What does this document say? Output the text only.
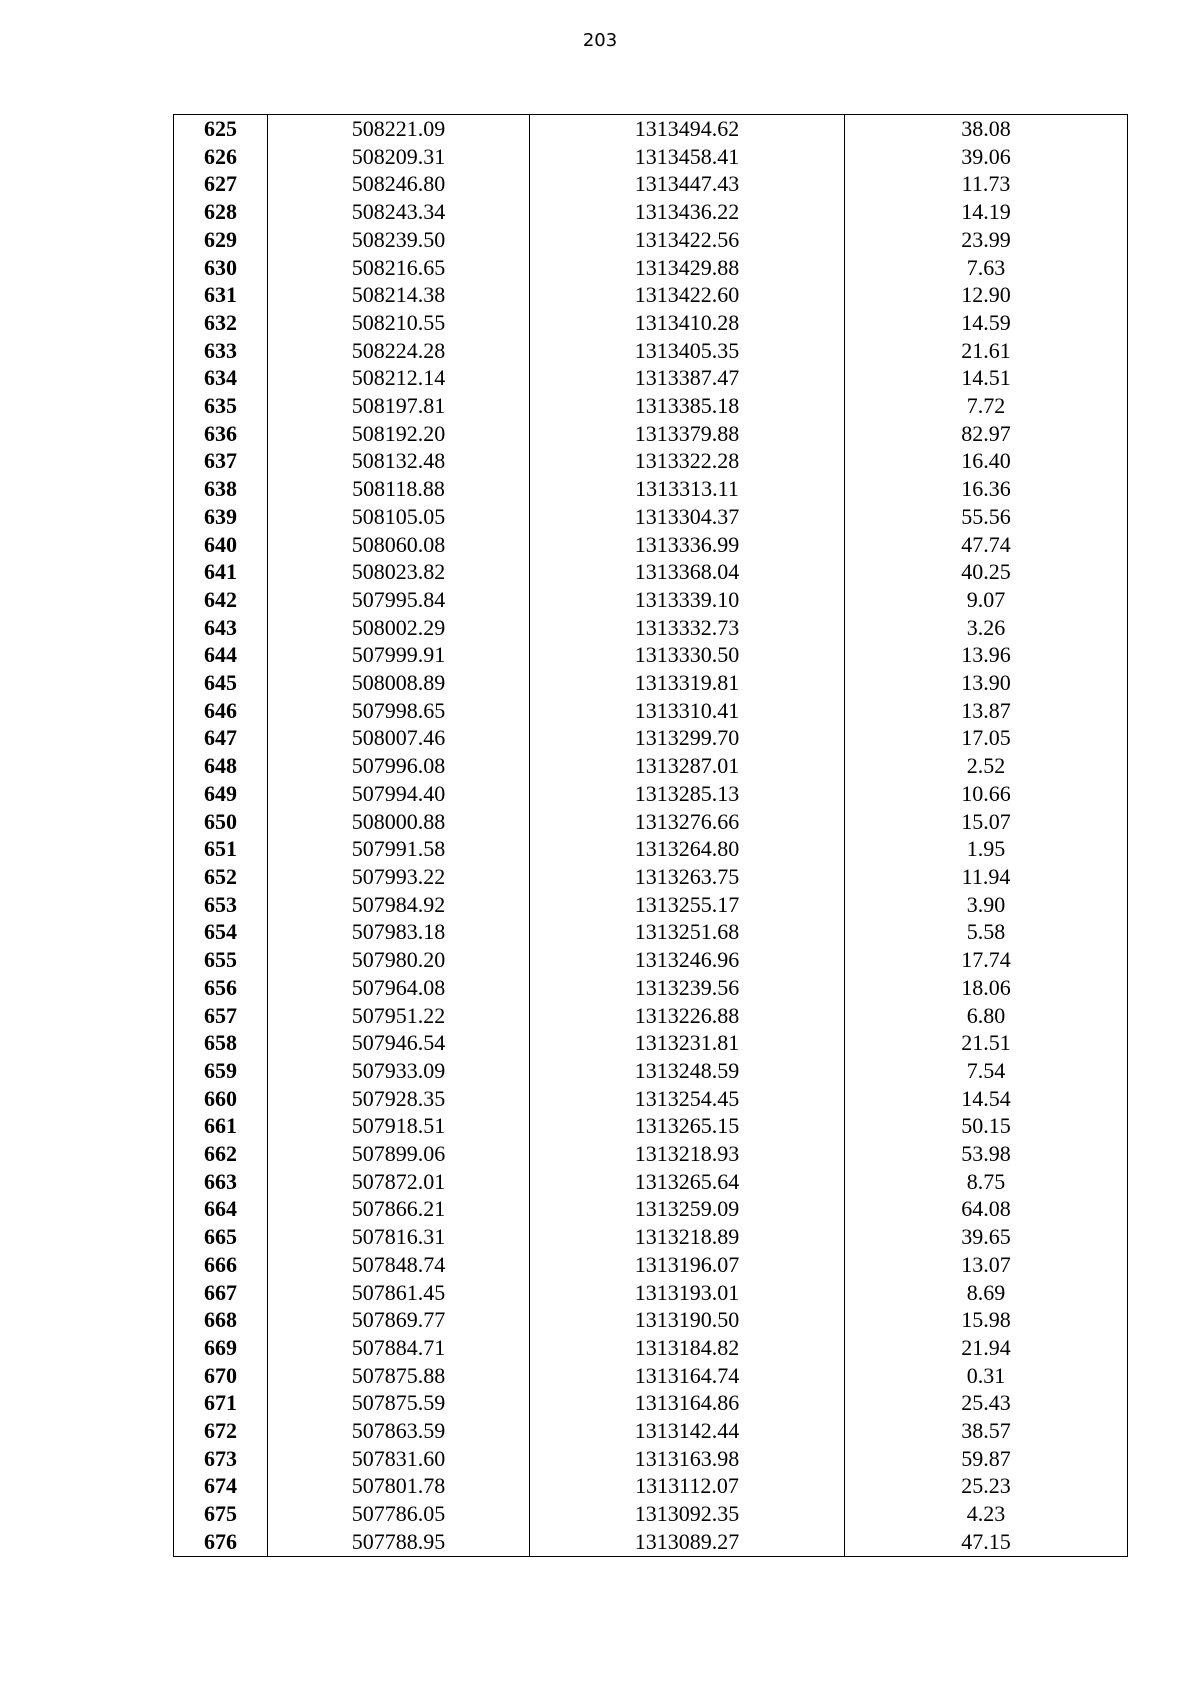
203
625	508221.09	1313494.62	38.08
626	508209.31	1313458.41	39.06
627	508246.80	1313447.43	11.73
628	508243.34	1313436.22	14.19
629	508239.50	1313422.56	23.99
630	508216.65	1313429.88	7.63
631	508214.38	1313422.60	12.90
632	508210.55	1313410.28	14.59
633	508224.28	1313405.35	21.61
634	508212.14	1313387.47	14.51
635	508197.81	1313385.18	7.72
636	508192.20	1313379.88	82.97
637	508132.48	1313322.28	16.40
638	508118.88	1313313.11	16.36
639	508105.05	1313304.37	55.56
640	508060.08	1313336.99	47.74
641	508023.82	1313368.04	40.25
642	507995.84	1313339.10	9.07
643	508002.29	1313332.73	3.26
644	507999.91	1313330.50	13.96
645	508008.89	1313319.81	13.90
646	507998.65	1313310.41	13.87
647	508007.46	1313299.70	17.05
648	507996.08	1313287.01	2.52
649	507994.40	1313285.13	10.66
650	508000.88	1313276.66	15.07
651	507991.58	1313264.80	1.95
652	507993.22	1313263.75	11.94
653	507984.92	1313255.17	3.90
654	507983.18	1313251.68	5.58
655	507980.20	1313246.96	17.74
656	507964.08	1313239.56	18.06
657	507951.22	1313226.88	6.80
658	507946.54	1313231.81	21.51
659	507933.09	1313248.59	7.54
660	507928.35	1313254.45	14.54
661	507918.51	1313265.15	50.15
662	507899.06	1313218.93	53.98
663	507872.01	1313265.64	8.75
664	507866.21	1313259.09	64.08
665	507816.31	1313218.89	39.65
666	507848.74	1313196.07	13.07
667	507861.45	1313193.01	8.69
668	507869.77	1313190.50	15.98
669	507884.71	1313184.82	21.94
670	507875.88	1313164.74	0.31
671	507875.59	1313164.86	25.43
672	507863.59	1313142.44	38.57
673	507831.60	1313163.98	59.87
674	507801.78	1313112.07	25.23
675	507786.05	1313092.35	4.23
676	507788.95	1313089.27	47.15
